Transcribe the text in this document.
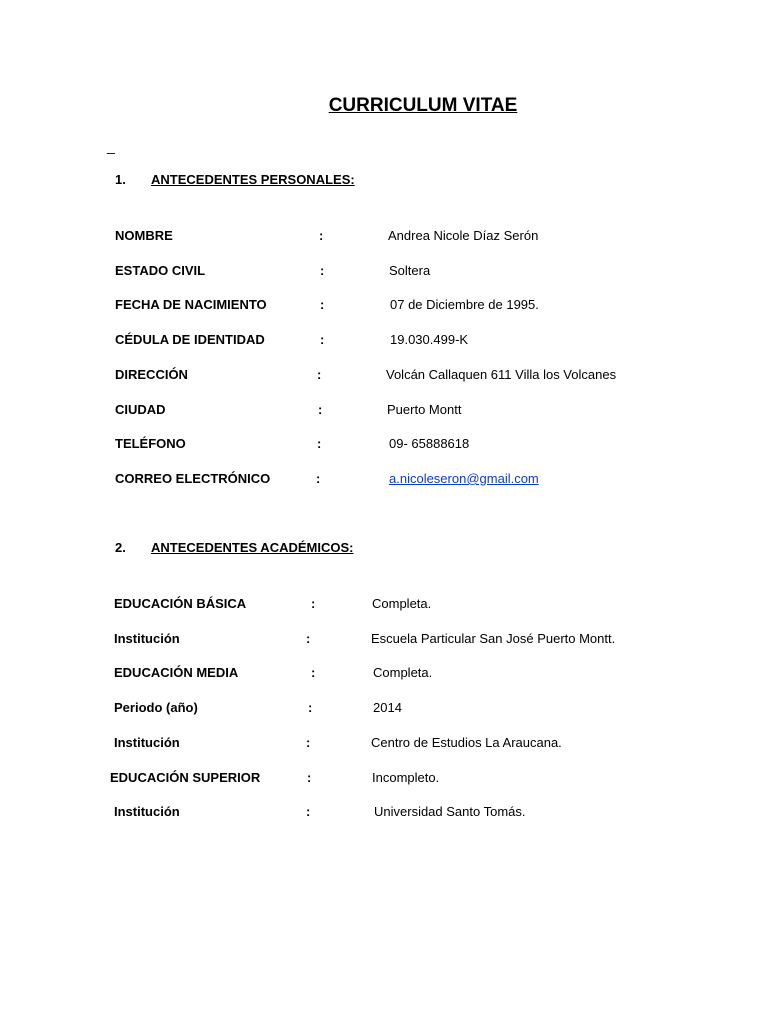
CURRICULUM VITAE
_
1. ANTECEDENTES PERSONALES:
NOMBRE	:	Andrea Nicole Díaz Serón
ESTADO CIVIL	:	Soltera
FECHA DE NACIMIENTO	:	07 de Diciembre de 1995.
CÉDULA DE IDENTIDAD	:	19.030.499-K
DIRECCIÓN	:	Volcán Callaquen 611 Villa los Volcanes
CIUDAD	:	Puerto Montt
TELÉFONO	:	09- 65888618
CORREO ELECTRÓNICO	:	a.nicoleseron@gmail.com
2. ANTECEDENTES ACADÉMICOS:
EDUCACIÓN BÁSICA	:	Completa.
Institución	:	Escuela Particular San José Puerto Montt.
EDUCACIÓN MEDIA	:	Completa.
Periodo (año)	:	2014
Institución	:	Centro de Estudios La Araucana.
EDUCACIÓN SUPERIOR	:	Incompleto.
Institución	:	Universidad Santo Tomás.
